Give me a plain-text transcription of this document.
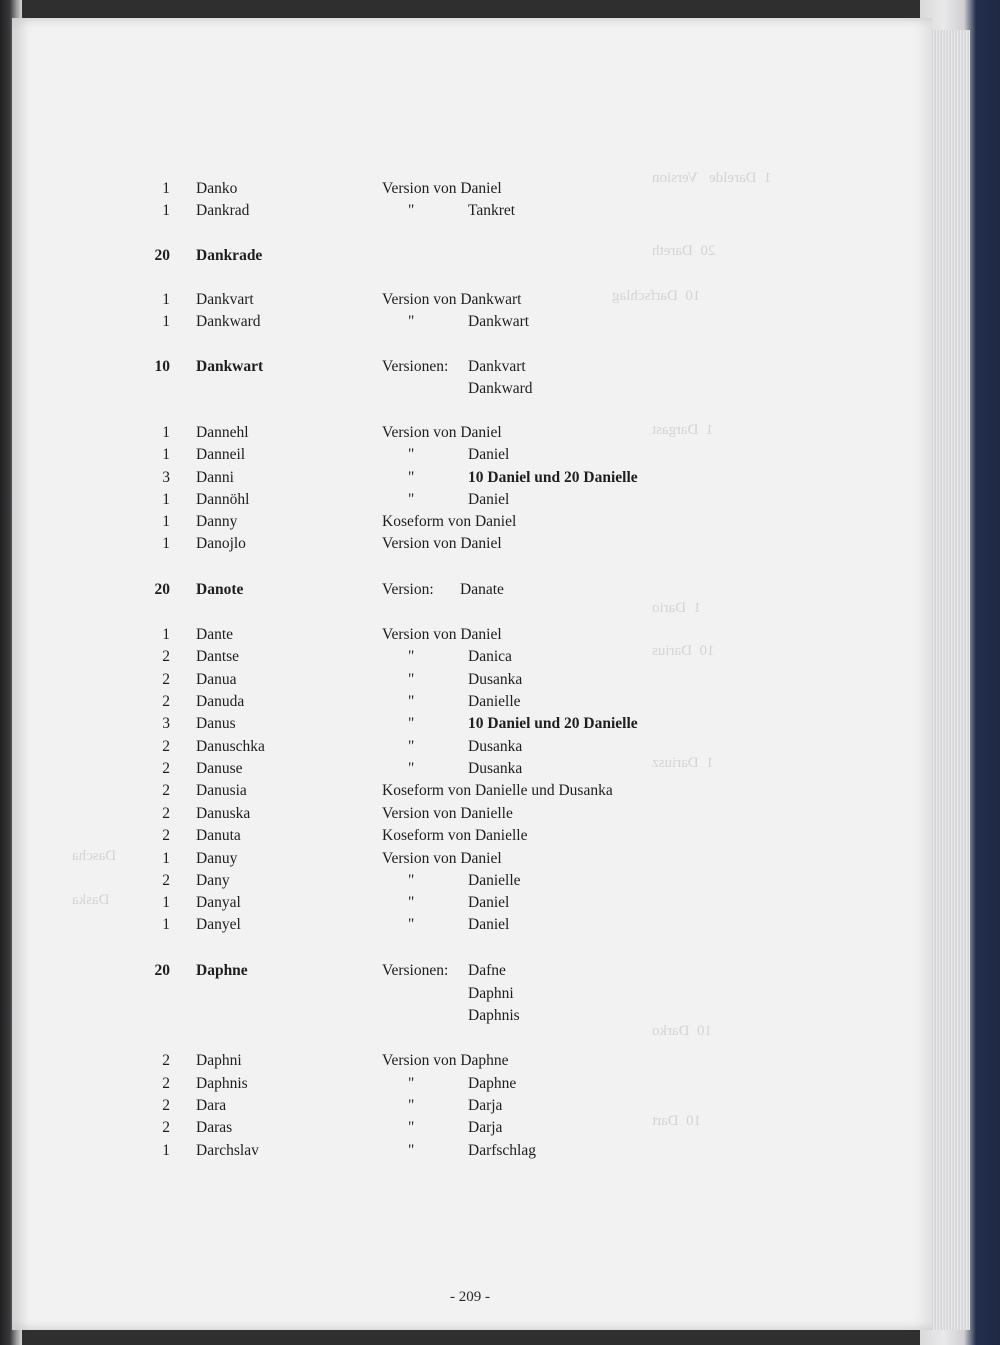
1  Darelde   Version
20  Dareth
10  Darfschlag
1  Dargast
1  Dario
10  Darius
1  Dariusz
10  Darko
10  Dart
Dascha
Daska
1 Danko	Version von Daniel
1 Dankrad	"	Tankret
20 Dankrade
1 Dankvart	Version von Dankwart
1 Dankward	"	Dankwart
10 Dankwart	Versionen: Dankvart
Dankward
1 Dannehl	Version von Daniel
1 Danneil	"	Daniel
3 Danni	"	10 Daniel und 20 Danielle
1 Dannöhl	"	Daniel
1 Danny	Koseform von Daniel
1 Danojlo	Version von Daniel
20 Danote	Version: Danate
1 Dante	Version von Daniel
2 Dantse	"	Danica
2 Danua	"	Dusanka
2 Danuda	"	Danielle
3 Danus	"	10 Daniel und 20 Danielle
2 Danuschka	"	Dusanka
2 Danuse	"	Dusanka
2 Danusia	Koseform von Danielle und Dusanka
2 Danuska	Version von Danielle
2 Danuta	Koseform von Danielle
1 Danuy	Version von Daniel
2 Dany	"	Danielle
1 Danyal	"	Daniel
1 Danyel	"	Daniel
20 Daphne	Versionen: Dafne
Daphni
Daphnis
2 Daphni	Version von Daphne
2 Daphnis	"	Daphne
2 Dara	"	Darja
2 Daras	"	Darja
1 Darchslav	"	Darfschlag
- 209 -
